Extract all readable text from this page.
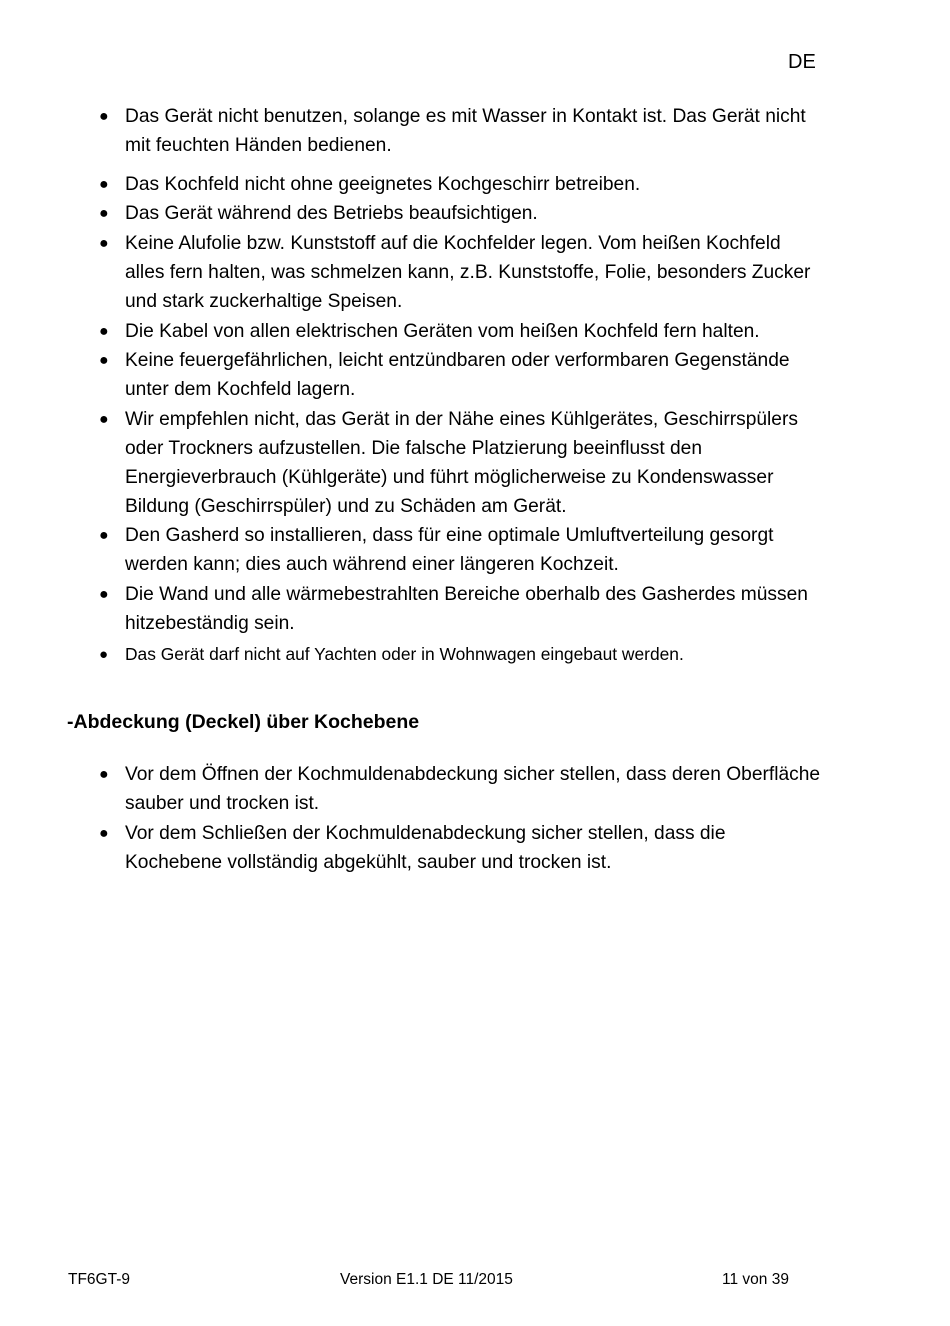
DE
● Das Gerät nicht benutzen, solange es mit Wasser in Kontakt ist. Das Gerät nicht
mit feuchten Händen bedienen.
● Das Kochfeld nicht ohne geeignetes Kochgeschirr betreiben.
● Das Gerät während des Betriebs beaufsichtigen.
● Keine Alufolie bzw. Kunststoff auf die Kochfelder legen. Vom heißen Kochfeld
alles fern halten, was schmelzen kann, z.B. Kunststoffe, Folie, besonders Zucker
und stark zuckerhaltige Speisen.
● Die Kabel von allen elektrischen Geräten vom heißen Kochfeld fern halten.
● Keine feuergefährlichen, leicht entzündbaren oder verformbaren Gegenstände
unter dem Kochfeld lagern.
● Wir empfehlen nicht, das Gerät in der Nähe eines Kühlgerätes, Geschirrspülers
oder Trockners aufzustellen. Die falsche Platzierung beeinflusst den
Energieverbrauch (Kühlgeräte) und führt möglicherweise zu Kondenswasser
Bildung (Geschirrspüler) und zu Schäden am Gerät.
● Den Gasherd so installieren, dass für eine optimale Umluftverteilung gesorgt
werden kann; dies auch während einer längeren Kochzeit.
● Die Wand und alle wärmebestrahlten Bereiche oberhalb des Gasherdes müssen
hitzebeständig sein.
● Das Gerät darf nicht auf Yachten oder in Wohnwagen eingebaut werden.
-Abdeckung (Deckel) über Kochebene
● Vor dem Öffnen der Kochmuldenabdeckung sicher stellen, dass deren Oberfläche
sauber und trocken ist.
● Vor dem Schließen der Kochmuldenabdeckung sicher stellen, dass die
Kochebene vollständig abgekühlt, sauber und trocken ist.
TF6GT-9	Version E1.1 DE 11/2015	11 von 39
